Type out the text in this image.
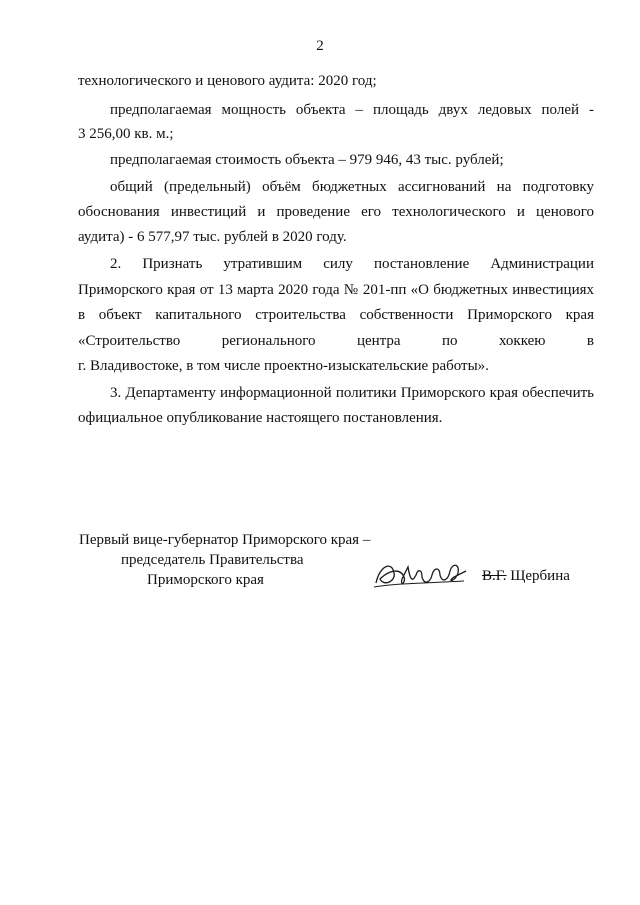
2
технологического и ценового аудита: 2020 год;
предполагаемая мощность объекта – площадь двух ледовых полей -
3 256,00 кв. м.;
предполагаемая стоимость объекта – 979 946, 43 тыс. рублей;
общий (предельный) объём бюджетных ассигнований на подготовку
обоснования инвестиций и проведение его технологического и ценового
аудита) - 6 577,97 тыс. рублей в 2020 году.
2. Признать утратившим силу постановление Администрации
Приморского края от 13 марта 2020 года № 201-пп «О бюджетных инвестициях
в объект капитального строительства собственности Приморского края
«Строительство регионального центра по хоккею в
г. Владивостоке, в том числе проектно-изыскательские работы».
3. Департаменту информационной политики Приморского края обеспечить
официальное опубликование настоящего постановления.
Первый вице-губернатор Приморского края –
председатель Правительства
Приморского края	В.Г. Щербина
